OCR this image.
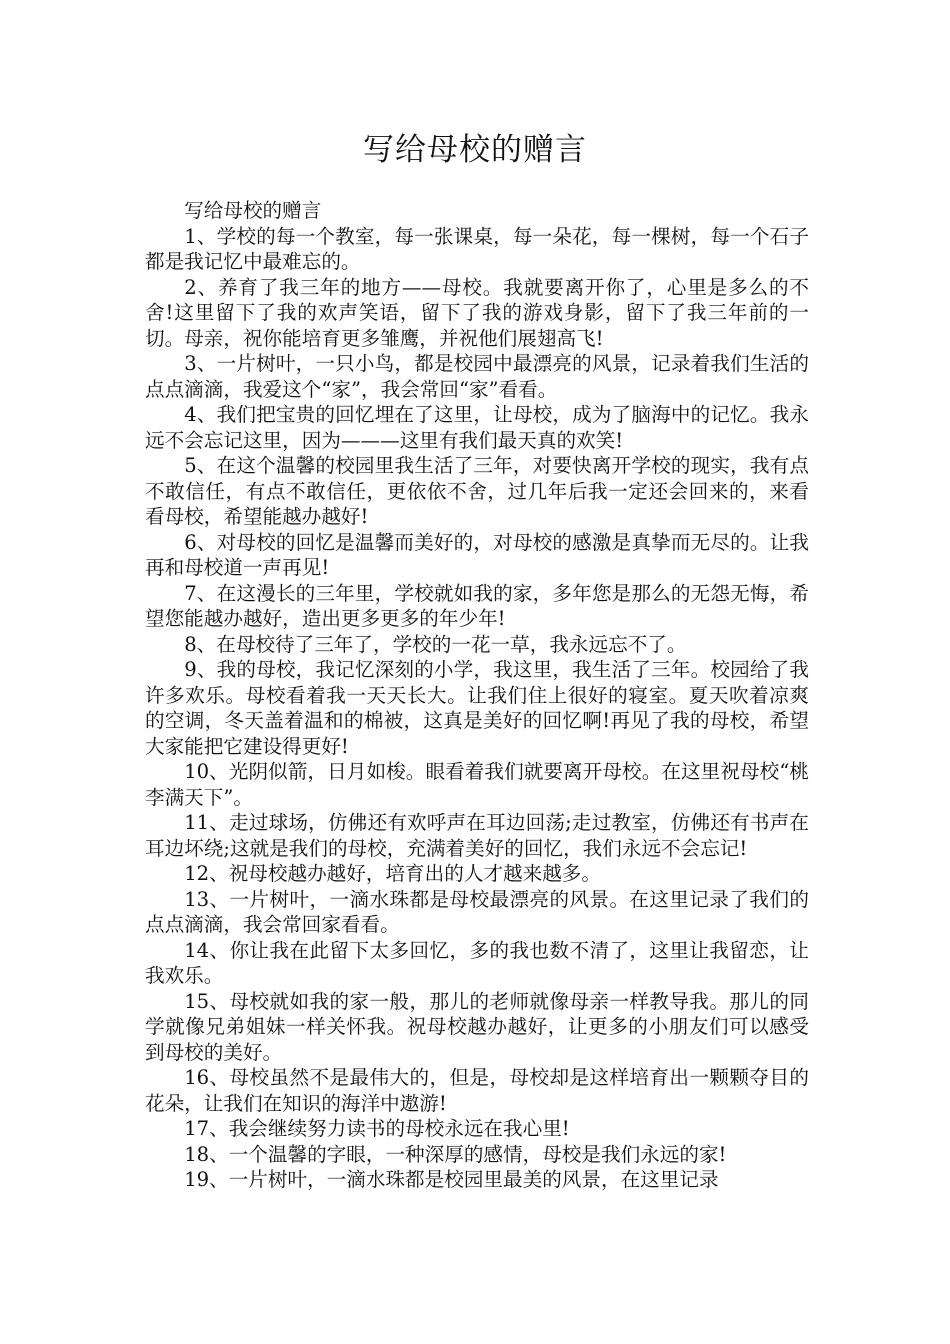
写给母校的赠言

写给母校的赠言

1、学校的每一个教室，每一张课桌，每一朵花，每一棵树，每一个石子都是我记忆中最难忘的。

2、养育了我三年的地方——母校。我就要离开你了，心里是多么的不舍!这里留下了我的欢声笑语，留下了我的游戏身影，留下了我三年前的一切。母亲，祝你能培育更多雏鹰，并祝他们展翅高飞!

3、一片树叶，一只小鸟，都是校园中最漂亮的风景，记录着我们生活的点点滴滴，我爱这个“家”，我会常回“家”看看。

4、我们把宝贵的回忆埋在了这里，让母校，成为了脑海中的记忆。我永远不会忘记这里，因为———这里有我们最天真的欢笑!

5、在这个温馨的校园里我生活了三年，对要快离开学校的现实，我有点不敢信任，有点不敢信任，更依依不舍，过几年后我一定还会回来的，来看看母校，希望能越办越好!

6、对母校的回忆是温馨而美好的，对母校的感激是真挚而无尽的。让我再和母校道一声再见!

7、在这漫长的三年里，学校就如我的家，多年您是那么的无怨无悔，希望您能越办越好，造出更多更多的年少年!

8、在母校待了三年了，学校的一花一草，我永远忘不了。

9、我的母校，我记忆深刻的小学，我这里，我生活了三年。校园给了我许多欢乐。母校看着我一天天长大。让我们住上很好的寝室。夏天吹着凉爽的空调，冬天盖着温和的棉被，这真是美好的回忆啊!再见了我的母校，希望大家能把它建设得更好!

10、光阴似箭，日月如梭。眼看着我们就要离开母校。在这里祝母校“桃李满天下”。

11、走过球场，仿佛还有欢呼声在耳边回荡;走过教室，仿佛还有书声在耳边坏绕;这就是我们的母校，充满着美好的回忆，我们永远不会忘记!

12、祝母校越办越好，培育出的人才越来越多。

13、一片树叶，一滴水珠都是母校最漂亮的风景。在这里记录了我们的点点滴滴，我会常回家看看。

14、你让我在此留下太多回忆，多的我也数不清了，这里让我留恋，让我欢乐。

15、母校就如我的家一般，那儿的老师就像母亲一样教导我。那儿的同学就像兄弟姐妹一样关怀我。祝母校越办越好，让更多的小朋友们可以感受到母校的美好。

16、母校虽然不是最伟大的，但是，母校却是这样培育出一颗颗夺目的花朵，让我们在知识的海洋中遨游!

17、我会继续努力读书的母校永远在我心里!

18、一个温馨的字眼，一种深厚的感情，母校是我们永远的家!

19、一片树叶，一滴水珠都是校园里最美的风景，在这里记录
